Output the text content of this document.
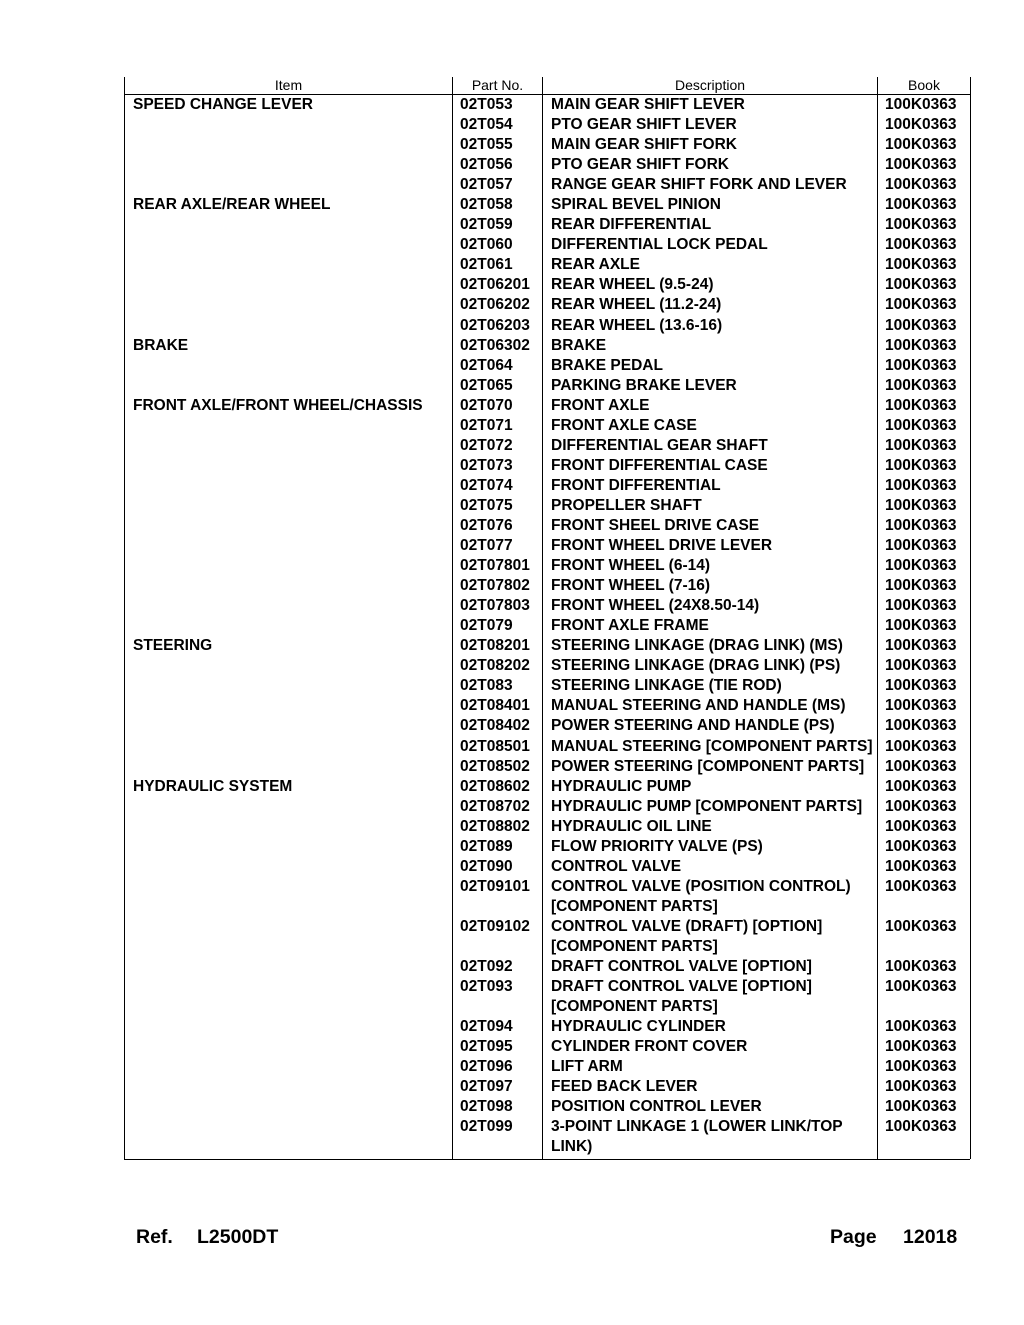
Item	Part No.	Description	Book
SPEED CHANGE LEVER	02T053	MAIN GEAR SHIFT LEVER	100K0363
	02T054	PTO GEAR SHIFT LEVER	100K0363
	02T055	MAIN GEAR SHIFT FORK	100K0363
	02T056	PTO GEAR SHIFT FORK	100K0363
	02T057	RANGE GEAR SHIFT FORK AND LEVER	100K0363
REAR AXLE/REAR WHEEL	02T058	SPIRAL BEVEL PINION	100K0363
	02T059	REAR DIFFERENTIAL	100K0363
	02T060	DIFFERENTIAL LOCK PEDAL	100K0363
	02T061	REAR AXLE	100K0363
	02T06201	REAR WHEEL (9.5-24)	100K0363
	02T06202	REAR WHEEL (11.2-24)	100K0363
	02T06203	REAR WHEEL (13.6-16)	100K0363
BRAKE	02T06302	BRAKE	100K0363
	02T064	BRAKE PEDAL	100K0363
	02T065	PARKING BRAKE LEVER	100K0363
FRONT AXLE/FRONT WHEEL/CHASSIS	02T070	FRONT AXLE	100K0363
	02T071	FRONT AXLE CASE	100K0363
	02T072	DIFFERENTIAL GEAR SHAFT	100K0363
	02T073	FRONT DIFFERENTIAL CASE	100K0363
	02T074	FRONT DIFFERENTIAL	100K0363
	02T075	PROPELLER SHAFT	100K0363
	02T076	FRONT SHEEL DRIVE CASE	100K0363
	02T077	FRONT WHEEL DRIVE LEVER	100K0363
	02T07801	FRONT WHEEL (6-14)	100K0363
	02T07802	FRONT WHEEL (7-16)	100K0363
	02T07803	FRONT WHEEL (24X8.50-14)	100K0363
	02T079	FRONT AXLE FRAME	100K0363
STEERING	02T08201	STEERING LINKAGE (DRAG LINK) (MS)	100K0363
	02T08202	STEERING LINKAGE (DRAG LINK) (PS)	100K0363
	02T083	STEERING LINKAGE (TIE ROD)	100K0363
	02T08401	MANUAL STEERING AND HANDLE (MS)	100K0363
	02T08402	POWER STEERING AND HANDLE (PS)	100K0363
	02T08501	MANUAL STEERING [COMPONENT PARTS]	100K0363
	02T08502	POWER STEERING [COMPONENT PARTS]	100K0363
HYDRAULIC SYSTEM	02T08602	HYDRAULIC PUMP	100K0363
	02T08702	HYDRAULIC PUMP [COMPONENT PARTS]	100K0363
	02T08802	HYDRAULIC OIL LINE	100K0363
	02T089	FLOW PRIORITY VALVE (PS)	100K0363
	02T090	CONTROL VALVE	100K0363
	02T09101	CONTROL VALVE (POSITION CONTROL) [COMPONENT PARTS]	100K0363
	02T09102	CONTROL VALVE (DRAFT) [OPTION] [COMPONENT PARTS]	100K0363
	02T092	DRAFT CONTROL VALVE [OPTION]	100K0363
	02T093	DRAFT CONTROL VALVE [OPTION] [COMPONENT PARTS]	100K0363
	02T094	HYDRAULIC CYLINDER	100K0363
	02T095	CYLINDER FRONT COVER	100K0363
	02T096	LIFT ARM	100K0363
	02T097	FEED BACK LEVER	100K0363
	02T098	POSITION CONTROL LEVER	100K0363
	02T099	3-POINT LINKAGE 1 (LOWER LINK/TOP LINK)	100K0363
Ref. L2500DT	Page 12018
